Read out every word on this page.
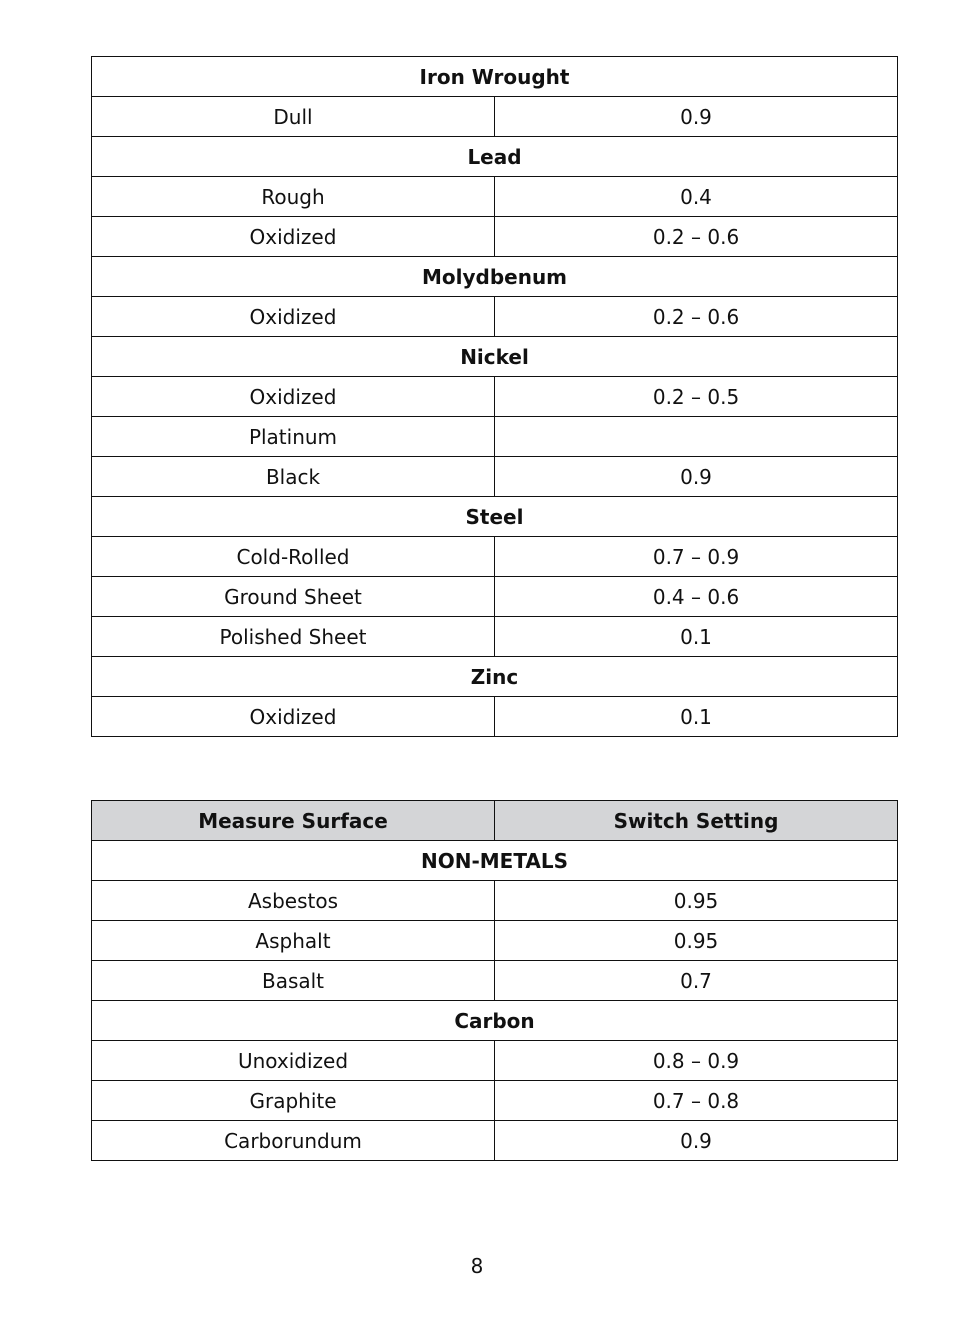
Iron Wrought	
Dull	0.9
Lead	
Rough	0.4
Oxidized	0.2 – 0.6
Molydbenum	
Oxidized	0.2 – 0.6
Nickel	
Oxidized	0.2 – 0.5
Platinum	
Black	0.9
Steel	
Cold-Rolled	0.7 – 0.9
Ground Sheet	0.4 – 0.6
Polished Sheet	0.1
Zinc	
Oxidized	0.1
Measure Surface	Switch Setting
NON-METALS	
Asbestos	0.95
Asphalt	0.95
Basalt	0.7
Carbon	
Unoxidized	0.8 – 0.9
Graphite	0.7 – 0.8
Carborundum	0.9
8
